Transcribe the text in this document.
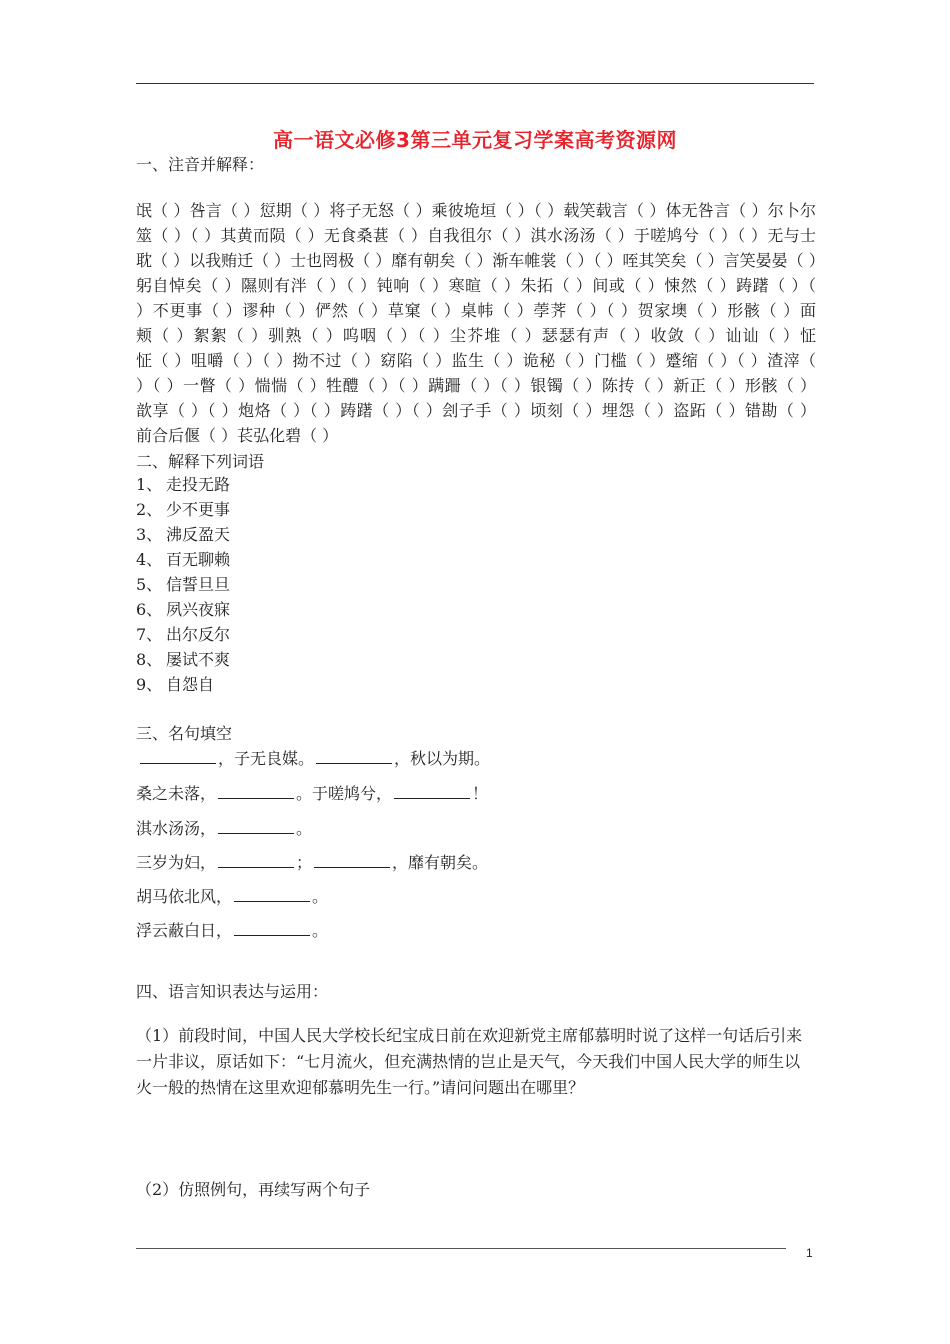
高一语文必修3第三单元复习学案高考资源网
一、注音并解释：
氓（ ）咎言（ ）愆期（ ）将子无怒（ ）乘彼垝垣（ ）（ ）载笑载言（ ）体无咎言（ ）尔卜尔
筮（ ）（ ）其黄而陨（ ）无食桑葚（ ）自我徂尔（ ）淇水汤汤（ ）于嗟鸠兮（ ）（ ）无与士
耽（ ）以我贿迁（ ）士也罔极（ ）靡有朝矣（ ）渐车帷裳（ ）（ ）咥其笑矣（ ）言笑晏晏（ ）
躬自悼矣（ ）隰则有泮（ ）（ ）钝响（ ）寒暄（ ）朱拓（ ）间或（ ）悚然（ ）踌躇（ ）（
）不更事（ ）谬种（ ）俨然（ ）草窠（ ）桌帏（ ）荸荠（ ）（ ）贺家墺（ ）形骸（ ）面
颊（ ）絮絮（ ）驯熟（ ）呜咽（ ）（ ）尘芥堆（ ）瑟瑟有声（ ）收敛（ ）讪讪（ ）怔
怔（ ）咀嚼（ ）（ ）拗不过（ ）窈陷（ ）监生（ ）诡秘（ ）门槛（ ）蹙缩（ ）（ ）渣滓（
）（ ）一瞥（ ）惴惴（ ）牲醴（ ）（ ）蹒跚（ ）（ ）银镯（ ）陈抟（ ）新正（ ）形骸（ ）
歆享（ ）（ ）炮烙（ ）（ ）踌躇（ ）（ ）刽子手（ ）顷刻（ ）埋怨（ ）盗跖（ ）错勘（ ）
前合后偃（ ）苌弘化碧（ ）
二、解释下列词语
1、 走投无路
2、 少不更事
3、 沸反盈天
4、 百无聊赖
5、 信誓旦旦
6、 夙兴夜寐
7、 出尔反尔
8、 屡试不爽
9、 自怨自
三、名句填空
，子无良媒。	，秋以为期。
桑之未落，	。于嗟鸠兮，	！
淇水汤汤，	。
三岁为妇，	；	，靡有朝矣。
胡马依北风，	。
浮云蔽白日，	。
四、语言知识表达与运用：
（1）前段时间，中国人民大学校长纪宝成日前在欢迎新党主席郁慕明时说了这样一句话后引来一片非议，原话如下：“七月流火，但充满热情的岂止是天气，今天我们中国人民大学的师生以火一般的热情在这里欢迎郁慕明先生一行。”请问问题出在哪里？
（2）仿照例句，再续写两个句子
1
